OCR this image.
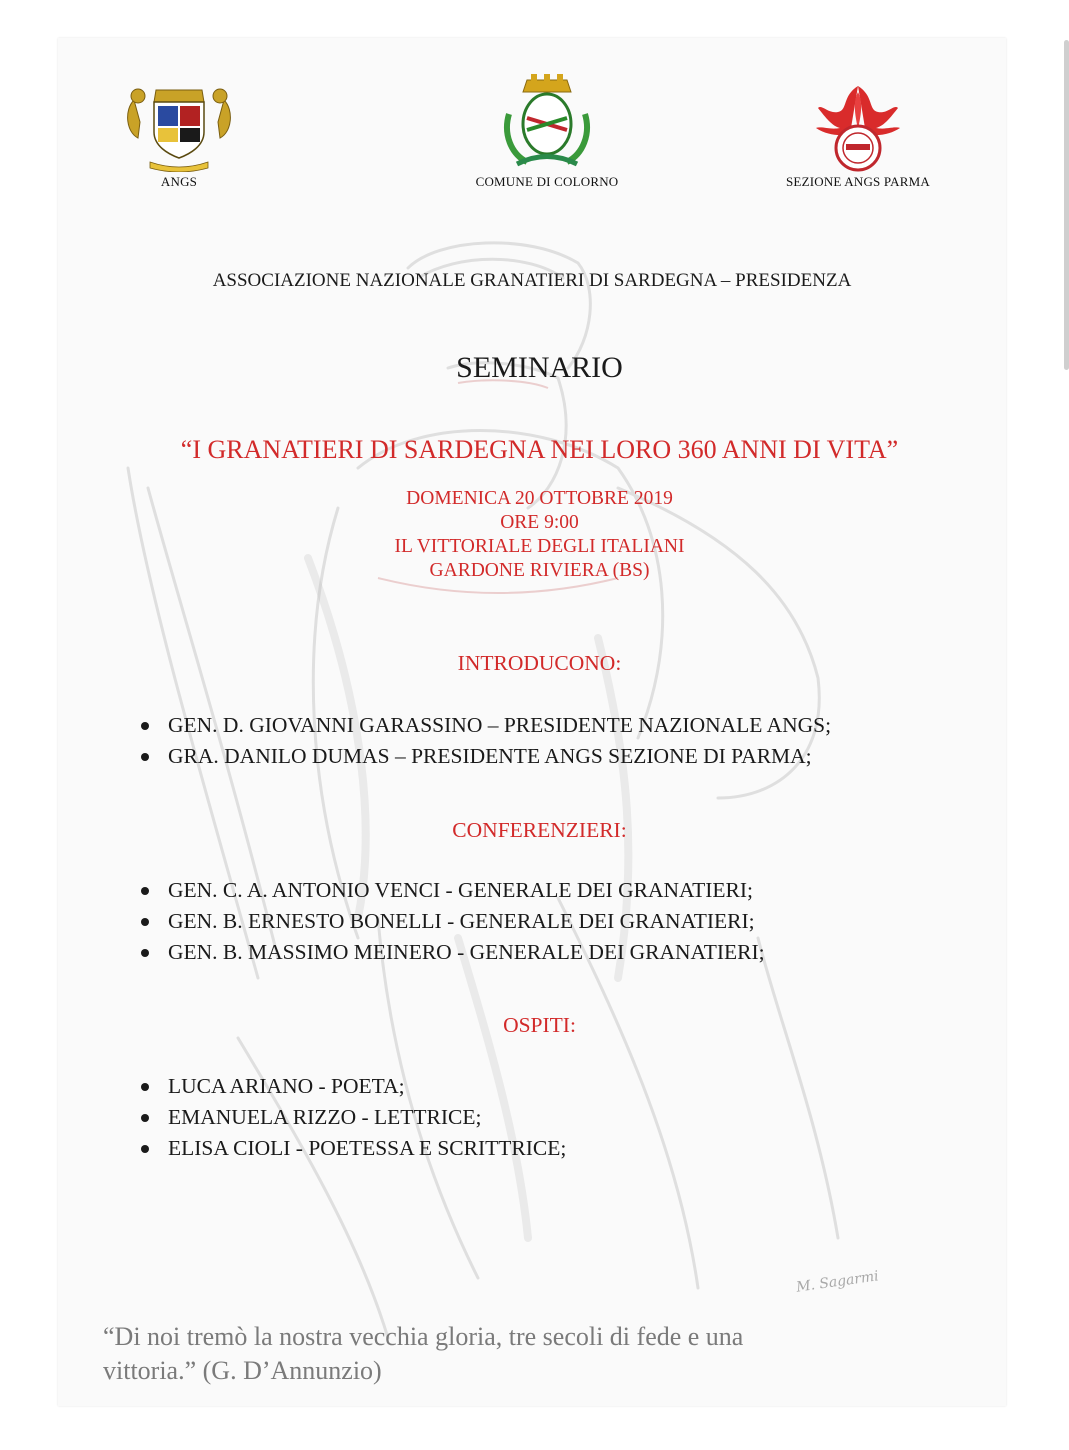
ANGS	COMUNE DI COLORNO	SEZIONE ANGS PARMA
ASSOCIAZIONE NAZIONALE GRANATIERI DI SARDEGNA – PRESIDENZA
SEMINARIO
“I GRANATIERI DI SARDEGNA NEI LORO 360 ANNI DI VITA”
DOMENICA 20 OTTOBRE 2019
ORE 9:00
IL VITTORIALE DEGLI ITALIANI
GARDONE RIVIERA (BS)
INTRODUCONO:
GEN. D. GIOVANNI GARASSINO – PRESIDENTE NAZIONALE ANGS;
GRA. DANILO DUMAS – PRESIDENTE ANGS SEZIONE DI PARMA;
CONFERENZIERI:
GEN. C. A. ANTONIO VENCI - GENERALE DEI GRANATIERI;
GEN. B. ERNESTO BONELLI - GENERALE DEI GRANATIERI;
GEN. B. MASSIMO MEINERO - GENERALE DEI GRANATIERI;
OSPITI:
LUCA ARIANO - POETA;
EMANUELA RIZZO - LETTRICE;
ELISA CIOLI - POETESSA E SCRITTRICE;
M. Sagarmi
“Di noi tremò la nostra vecchia gloria, tre secoli di fede e una
vittoria.” (G. D’Annunzio)
